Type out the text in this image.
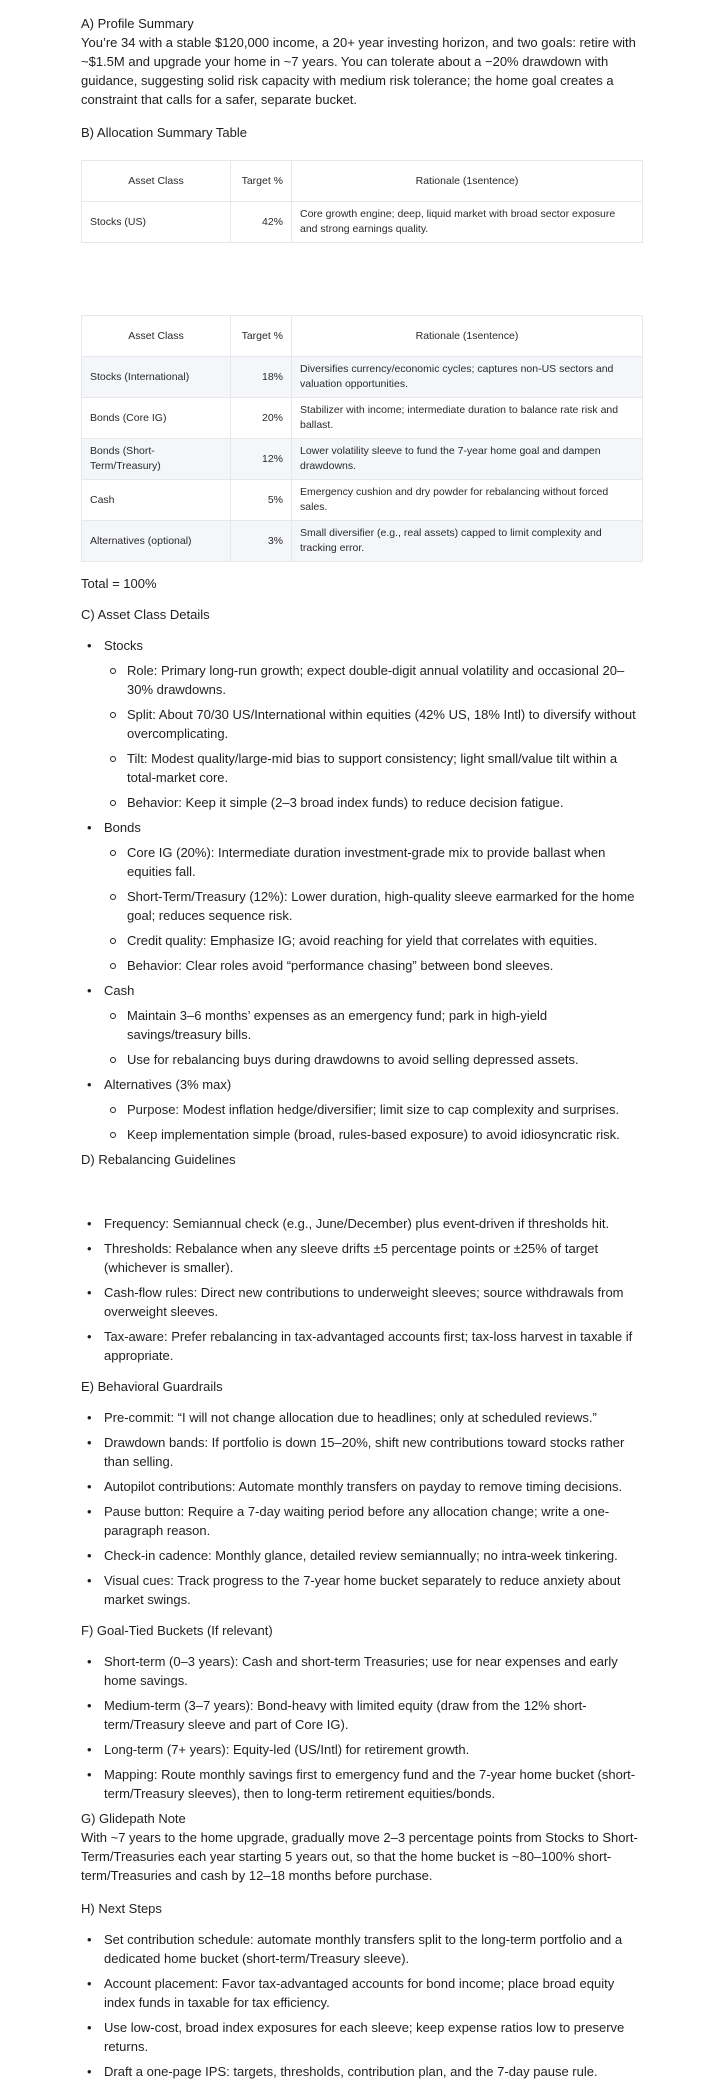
A) Profile Summary

You’re 34 with a stable $120,000 income, a 20+ year investing horizon, and two goals: retire with ~$1.5M and upgrade your home in ~7 years. You can tolerate about a −20% drawdown with guidance, suggesting solid risk capacity with medium risk tolerance; the home goal creates a constraint that calls for a safer, separate bucket.

B) Allocation Summary Table
Asset Class	Target %	Rationale (1sentence)
Stocks (US)	42%	Core growth engine; deep, liquid market with broad sector exposure and strong earnings quality.
Asset Class	Target %	Rationale (1sentence)
Stocks (International)	18%	Diversifies currency/economic cycles; captures non-US sectors and valuation opportunities.
Bonds (Core IG)	20%	Stabilizer with income; intermediate duration to balance rate risk and ballast.
Bonds (Short-Term/Treasury)	12%	Lower volatility sleeve to fund the 7-year home goal and dampen drawdowns.
Cash	5%	Emergency cushion and dry powder for rebalancing without forced sales.
Alternatives (optional)	3%	Small diversifier (e.g., real assets) capped to limit complexity and tracking error.

Total = 100%

C) Asset Class Details
• Stocks
Role: Primary long-run growth; expect double-digit annual volatility and occasional 20–30% drawdowns.
Split: About 70/30 US/International within equities (42% US, 18% Intl) to diversify without overcomplicating.
Tilt: Modest quality/large-mid bias to support consistency; light small/value tilt within a total-market core.
Behavior: Keep it simple (2–3 broad index funds) to reduce decision fatigue.
• Bonds
Core IG (20%): Intermediate duration investment-grade mix to provide ballast when equities fall.
Short-Term/Treasury (12%): Lower duration, high-quality sleeve earmarked for the home goal; reduces sequence risk.
Credit quality: Emphasize IG; avoid reaching for yield that correlates with equities.
Behavior: Clear roles avoid “performance chasing” between bond sleeves.
• Cash
Maintain 3–6 months’ expenses as an emergency fund; park in high-yield savings/treasury bills.
Use for rebalancing buys during drawdowns to avoid selling depressed assets.
• Alternatives (3% max)
Purpose: Modest inflation hedge/diversifier; limit size to cap complexity and surprises.
Keep implementation simple (broad, rules-based exposure) to avoid idiosyncratic risk.
D) Rebalancing Guidelines
• Frequency: Semiannual check (e.g., June/December) plus event-driven if thresholds hit.
• Thresholds: Rebalance when any sleeve drifts ±5 percentage points or ±25% of target (whichever is smaller).
• Cash-flow rules: Direct new contributions to underweight sleeves; source withdrawals from overweight sleeves.
• Tax-aware: Prefer rebalancing in tax-advantaged accounts first; tax-loss harvest in taxable if appropriate.
E) Behavioral Guardrails
• Pre-commit: “I will not change allocation due to headlines; only at scheduled reviews.”
• Drawdown bands: If portfolio is down 15–20%, shift new contributions toward stocks rather than selling.
• Autopilot contributions: Automate monthly transfers on payday to remove timing decisions.
• Pause button: Require a 7-day waiting period before any allocation change; write a one-paragraph reason.
• Check-in cadence: Monthly glance, detailed review semiannually; no intra-week tinkering.
• Visual cues: Track progress to the 7-year home bucket separately to reduce anxiety about market swings.
F) Goal-Tied Buckets (If relevant)
• Short-term (0–3 years): Cash and short-term Treasuries; use for near expenses and early home savings.
• Medium-term (3–7 years): Bond-heavy with limited equity (draw from the 12% short-term/Treasury sleeve and part of Core IG).
• Long-term (7+ years): Equity-led (US/Intl) for retirement growth.
• Mapping: Route monthly savings first to emergency fund and the 7-year home bucket (short-term/Treasury sleeves), then to long-term retirement equities/bonds.
G) Glidepath Note

With ~7 years to the home upgrade, gradually move 2–3 percentage points from Stocks to Short-Term/Treasuries each year starting 5 years out, so that the home bucket is ~80–100% short-term/Treasuries and cash by 12–18 months before purchase.

H) Next Steps
• Set contribution schedule: automate monthly transfers split to the long-term portfolio and a dedicated home bucket (short-term/Treasury sleeve).
• Account placement: Favor tax-advantaged accounts for bond income; place broad equity index funds in taxable for tax efficiency.
• Use low-cost, broad index exposures for each sleeve; keep expense ratios low to preserve returns.
• Draft a one-page IPS: targets, thresholds, contribution plan, and the 7-day pause rule.
